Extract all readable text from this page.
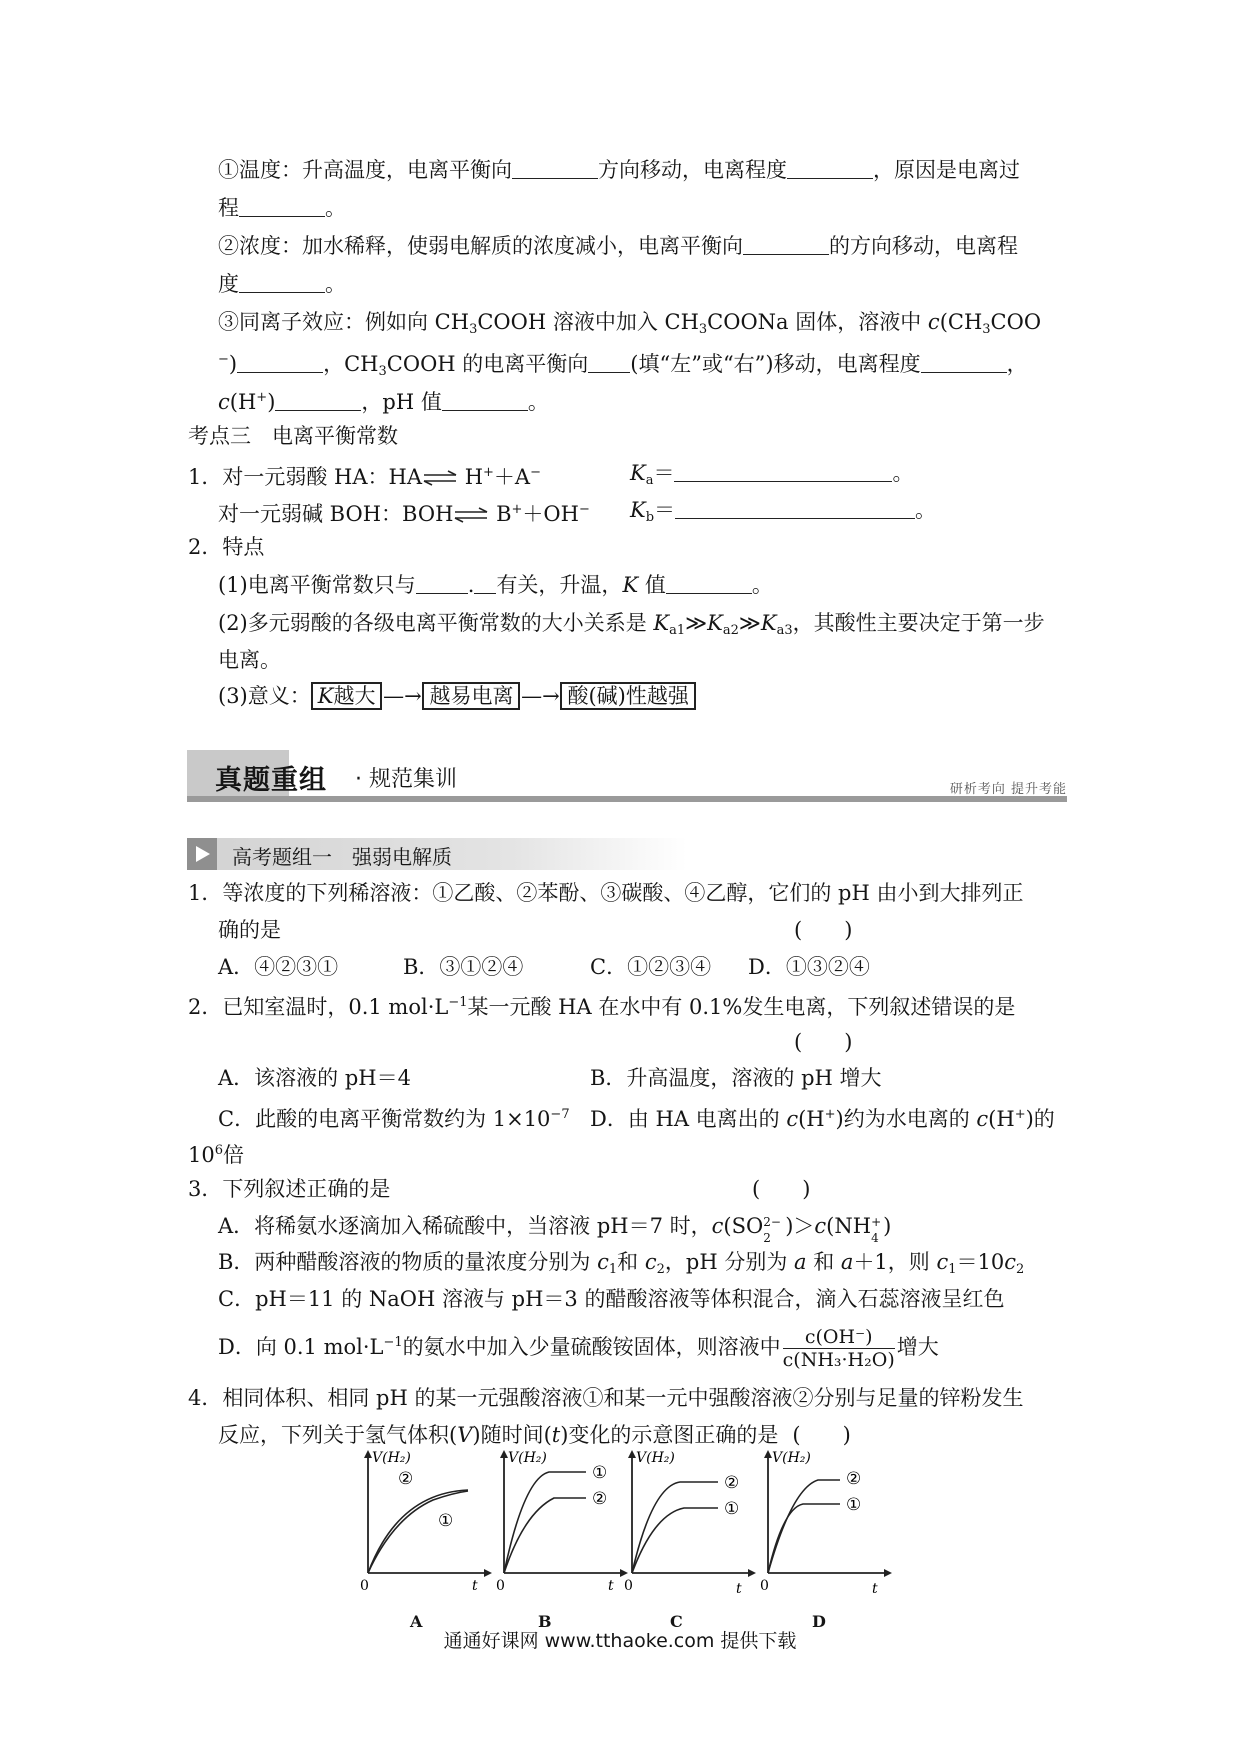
①温度：升高温度，电离平衡向	方向移动，电离程度	，原因是电离过
程	。
②浓度：加水稀释，使弱电解质的浓度减小，电离平衡向	的方向移动，电离程
度	。
③同离子效应：例如向 $CH_3COOH$ 溶液中加入 $CH_3COONa$ 固体，溶液中 $c(CH_3COO$
−)	，$CH_3COOH$ 的电离平衡向 (填“左”或“右”)移动，电离程度	，
c(H+)	，pH 值	。
考点三　电离平衡常数
1．对一元弱酸 HA：HA⇌ H+＋A−	$K_a=$	。
对一元弱碱 BOH：BOH⇌ B+＋OH− $K_b=$	。
2．特点
(1)电离平衡常数只与 . 有关，升温，K 值	。
(2)多元弱酸的各级电离平衡常数的大小关系是 $K_{a1}≫K_{a2}≫K_{a3}$，其酸性主要决定于第一步
电离。
(3)意义： K越大 —→ 越易电离 —→ 酸(碱)性越强
真题重组 · 规范集训	研析考向 提升考能
高考题组一　强弱电解质
1．等浓度的下列稀溶液：①乙酸、②苯酚、③碳酸、④乙醇，它们的 pH 由小到大排列正
确的是	(　　)
A．④②③①	B．③①②④	C．①②③④ D．①③②④
2．已知室温时，0.1 $mol\cdot L^{-1}$某一元酸 HA 在水中有 0.1%发生电离，下列叙述错误的是
(　　)
A．该溶液的 pH＝4	B．升高温度，溶液的 pH 增大
C．此酸的电离平衡常数约为 $1\times 10^{-7}$ D．由 HA 电离出的 c(H+)约为水电离的 c(H+)的
$10^6$倍
3．下列叙述正确的是	(　　)
A．将稀氨水逐滴加入稀硫酸中，当溶液 pH＝7 时，c(SO 2−
2 )＞c(NH +
4 )
B．两种醋酸溶液的物质的量浓度分别为 $c_1$和 $c_2$，pH 分别为 a 和 a＋1，则 $c_1=10c_2$
C．pH＝11 的 NaOH 溶液与 pH＝3 的醋酸溶液等体积混合，滴入石蕊溶液呈红色
D．向 0.1 $mol\cdot L^{-1}$的氨水中加入少量硫酸铵固体，则溶液中 $\frac{c(OH^-)}{\text{c(NH₃·H₂O)}}$ 增大
4．相同体积、相同 pH 的某一元强酸溶液①和某一元中强酸溶液②分别与足量的锌粉发生
反应，下列关于氢气体积(V)随时间(t)变化的示意图正确的是 (　　)
V(H₂)
②
①
0	t
A
V(H₂)
①
②
0	t
B
V(H₂)
②
①
0	t
C
V(H₂)
②
①
0	t
D
通通好课网 www.tthaoke.com 提供下载
